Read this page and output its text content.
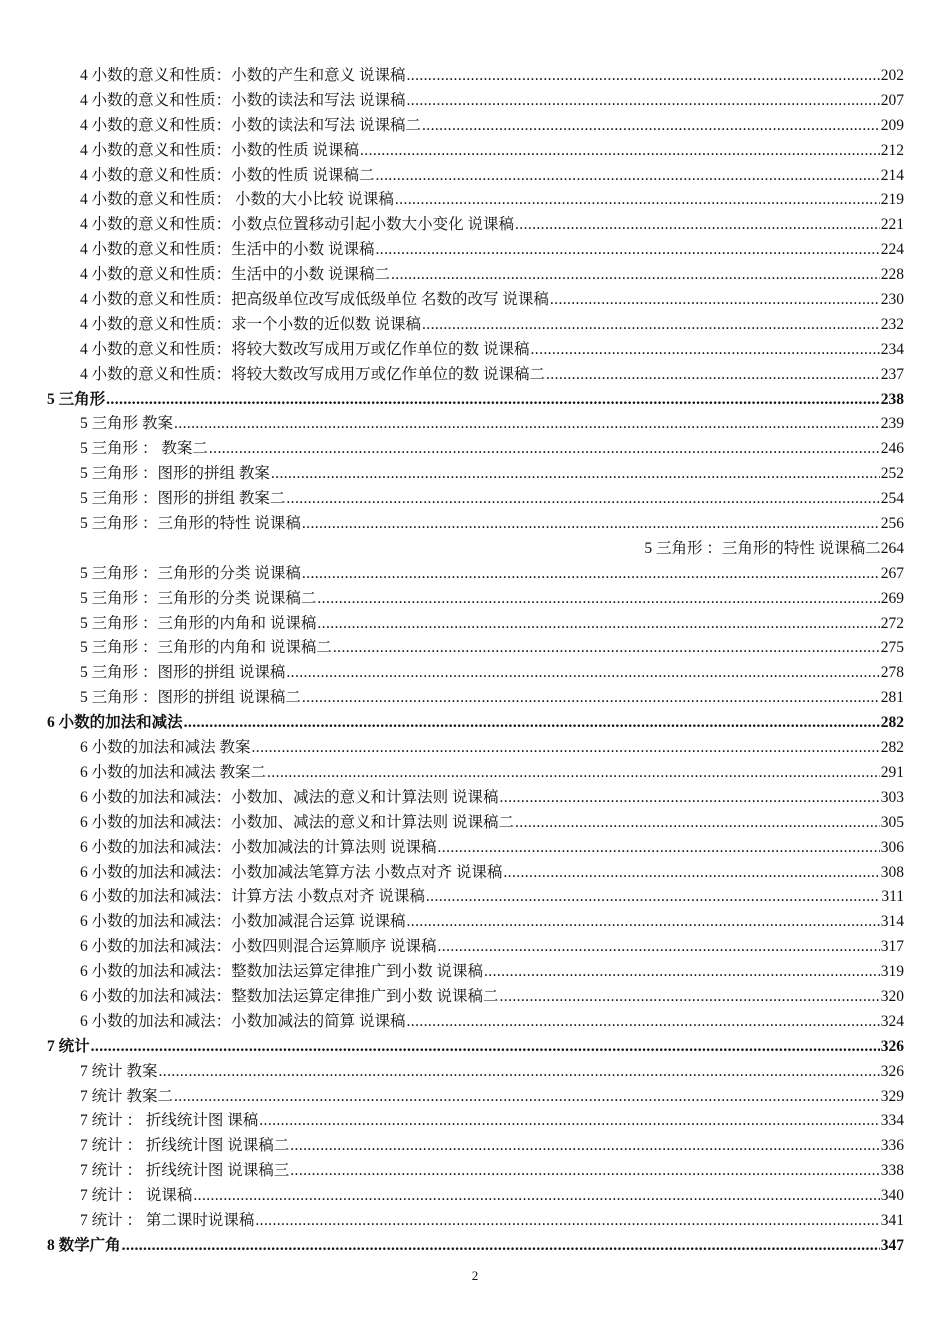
4 小数的意义和性质：小数的产生和意义 说课稿 .....	202
4 小数的意义和性质：小数的读法和写法 说课稿 .....	207
4 小数的意义和性质：小数的读法和写法 说课稿二 .....	209
4 小数的意义和性质：小数的性质 说课稿 .....	212
4 小数的意义和性质：小数的性质 说课稿二 .....	214
4 小数的意义和性质： 小数的大小比较 说课稿 .....	219
4 小数的意义和性质：小数点位置移动引起小数大小变化 说课稿 .....	221
4 小数的意义和性质：生活中的小数 说课稿 .....	224
4 小数的意义和性质：生活中的小数 说课稿二 .....	228
4 小数的意义和性质：把高级单位改写成低级单位 名数的改写 说课稿 .....	230
4 小数的意义和性质：求一个小数的近似数 说课稿 .....	232
4 小数的意义和性质：将较大数改写成用万或亿作单位的数 说课稿 .....	234
4 小数的意义和性质：将较大数改写成用万或亿作单位的数 说课稿二 .....	237
5 三角形 .....	238
5 三角形 教案 .....	239
5 三角形 ： 教案二 .....	246
5 三角形 ：图形的拼组 教案 .....	252
5 三角形 ：图形的拼组 教案二 .....	254
5 三角形 ：三角形的特性 说课稿 .....	256
5 三角形 ：三角形的特性 说课稿二 264
5 三角形 ：三角形的分类 说课稿 .....	267
5 三角形 ：三角形的分类 说课稿二 .....	269
5 三角形 ：三角形的内角和 说课稿 .....	272
5 三角形 ：三角形的内角和 说课稿二 .....	275
5 三角形 ：图形的拼组 说课稿 .....	278
5 三角形 ：图形的拼组 说课稿二 .....	281
6 小数的加法和减法 .....	282
6 小数的加法和减法 教案 .....	282
6 小数的加法和减法 教案二 .....	291
6 小数的加法和减法：小数加、减法的意义和计算法则 说课稿 .....	303
6 小数的加法和减法：小数加、减法的意义和计算法则 说课稿二 .....	305
6 小数的加法和减法：小数加减法的计算法则 说课稿 .....	306
6 小数的加法和减法：小数加减法笔算方法 小数点对齐 说课稿 .....	308
6 小数的加法和减法：计算方法 小数点对齐 说课稿 .....	311
6 小数的加法和减法：小数加减混合运算 说课稿 .....	314
6 小数的加法和减法：小数四则混合运算顺序 说课稿 .....	317
6 小数的加法和减法：整数加法运算定律推广到小数 说课稿 .....	319
6 小数的加法和减法：整数加法运算定律推广到小数 说课稿二 .....	320
6 小数的加法和减法：小数加减法的简算 说课稿 .....	324
7 统计 .....	326
7 统计 教案 .....	326
7 统计 教案二 .....	329
7 统计 ： 折线统计图 课稿 .....	334
7 统计 ： 折线统计图 说课稿二 .....	336
7 统计 ： 折线统计图 说课稿三 .....	338
7 统计 ： 说课稿 .....	340
7 统计 ： 第二课时说课稿 .....	341
8 数学广角 .....	347
2
